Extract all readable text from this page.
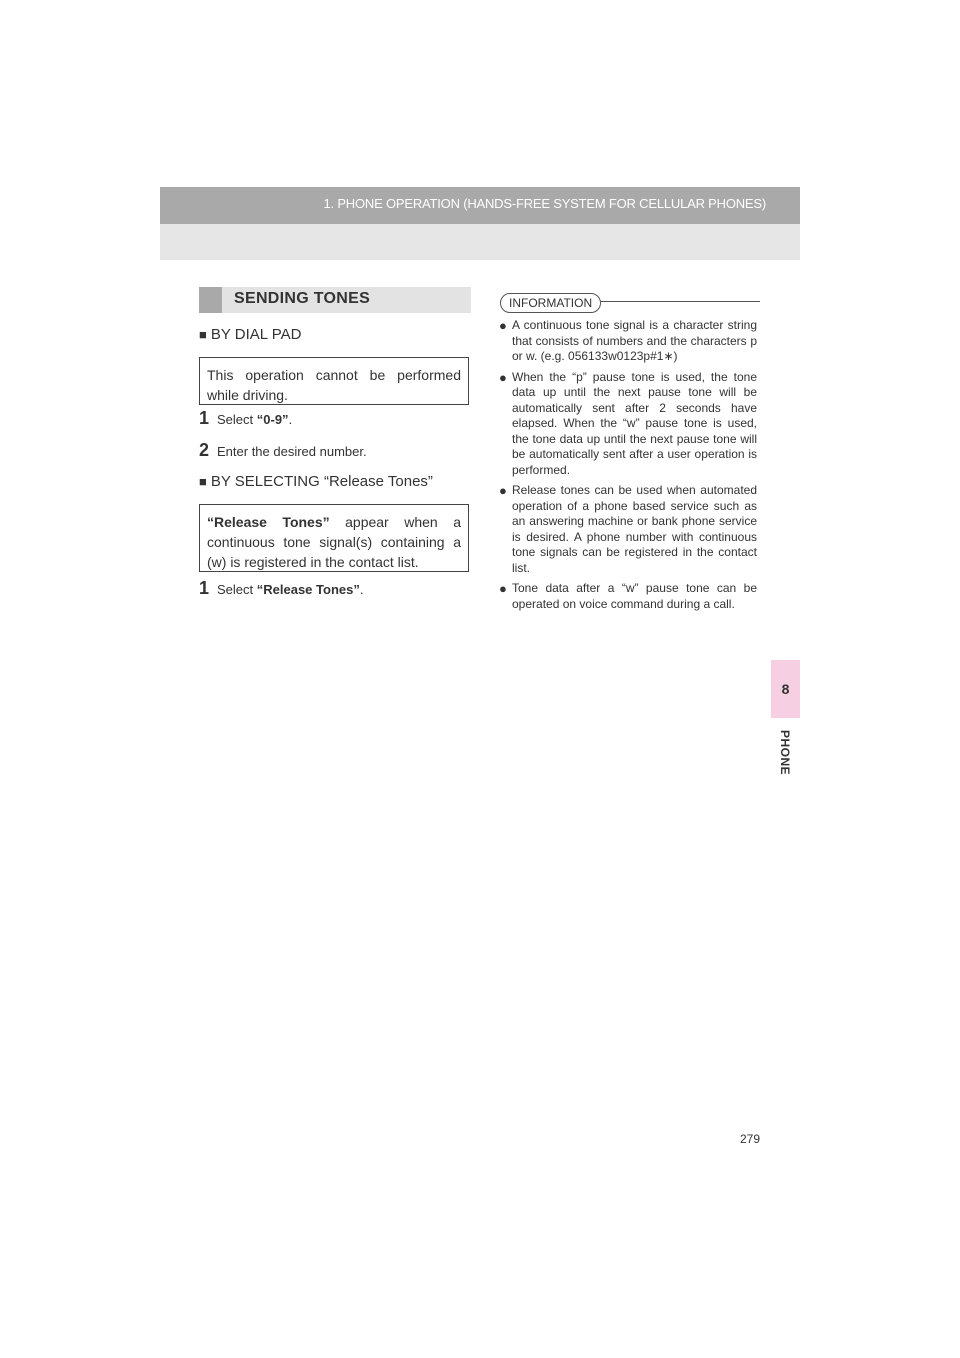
1. PHONE OPERATION (HANDS-FREE SYSTEM FOR CELLULAR PHONES)
8
PHONE
SENDING TONES
■ BY DIAL PAD
This operation cannot be performed while driving.
1 Select “0-9”.
2 Enter the desired number.
■ BY SELECTING “Release Tones”
“Release Tones” appear when a continuous tone signal(s) containing a (w) is registered in the contact list.
1 Select “Release Tones”.
INFORMATION
● A continuous tone signal is a character string that consists of numbers and the characters p or w. (e.g. 056133w0123p#1∗)
● When the “p” pause tone is used, the tone data up until the next pause tone will be automatically sent after 2 seconds have elapsed. When the “w” pause tone is used, the tone data up until the next pause tone will be automatically sent after a user operation is performed.
● Release tones can be used when automated operation of a phone based service such as an answering machine or bank phone service is desired. A phone number with continuous tone signals can be registered in the contact list.
● Tone data after a “w” pause tone can be operated on voice command during a call.
279
